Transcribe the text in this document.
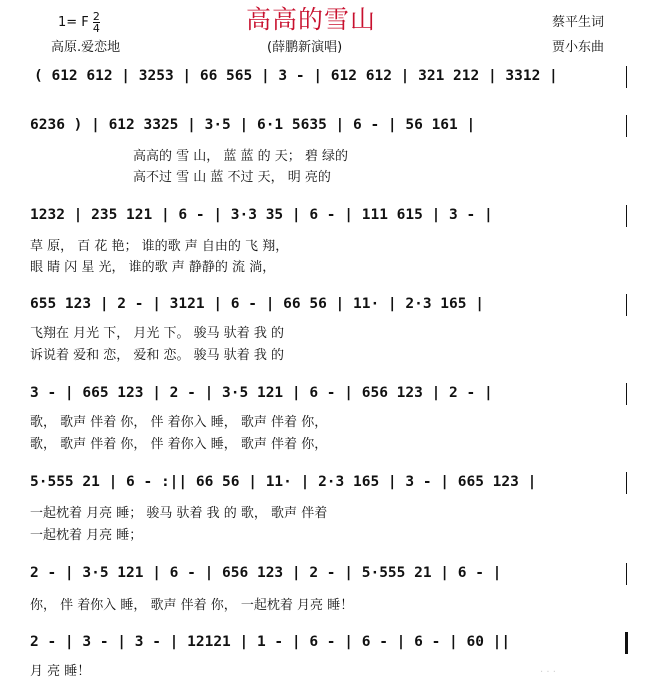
1= F $\frac{2}{4}$	高高的雪山
高原.爱恋地	(薛鹏新演唱)
蔡平生词
贾小东曲
( 612 612 | 3253 | 66 565 | 3 - | 612 612 | 321 212 | 3312 |
6236 ) | 612 3325 | 3·5 | 6·1 5635 | 6 - | 56 161 |
高高的 雪 山， 蓝 蓝 的 天； 碧 绿的
高不过 雪 山 蓝 不过 天， 明 亮的
1232 | 235 121 | 6 - | 3·3 35 | 6 - | 111 615 | 3 - |
草 原， 百 花 艳； 谁的歌 声 自由的 飞 翔，
眼 睛 闪 星 光， 谁的歌 声 静静的 流 淌，
655 123 | 2 - | 3121 | 6 - | 66 56 | 11· | 2·3 165 |
飞翔在 月光 下， 月光 下。 骏马 驮着 我 的
诉说着 爱和 恋， 爱和 恋。 骏马 驮着 我 的
3 - | 665 123 | 2 - | 3·5 121 | 6 - | 656 123 | 2 - |
歌， 歌声 伴着 你， 伴 着你入 睡， 歌声 伴着 你，
歌， 歌声 伴着 你， 伴 着你入 睡， 歌声 伴着 你，
5·555 21 | 6 - :|| 66 56 | 11· | 2·3 165 | 3 - | 665 123 |
一起枕着 月亮 睡； 骏马 驮着 我 的 歌， 歌声 伴着
一起枕着 月亮 睡；
2 - | 3·5 121 | 6 - | 656 123 | 2 - | 5·555 21 | 6 - |
你， 伴 着你入 睡， 歌声 伴着 你， 一起枕着 月亮 睡！
2 - | 3 - | 3 - | 12121 | 1 - | 6 - | 6 - | 6 - | 60 ||
月 亮 睡！	· · ·
